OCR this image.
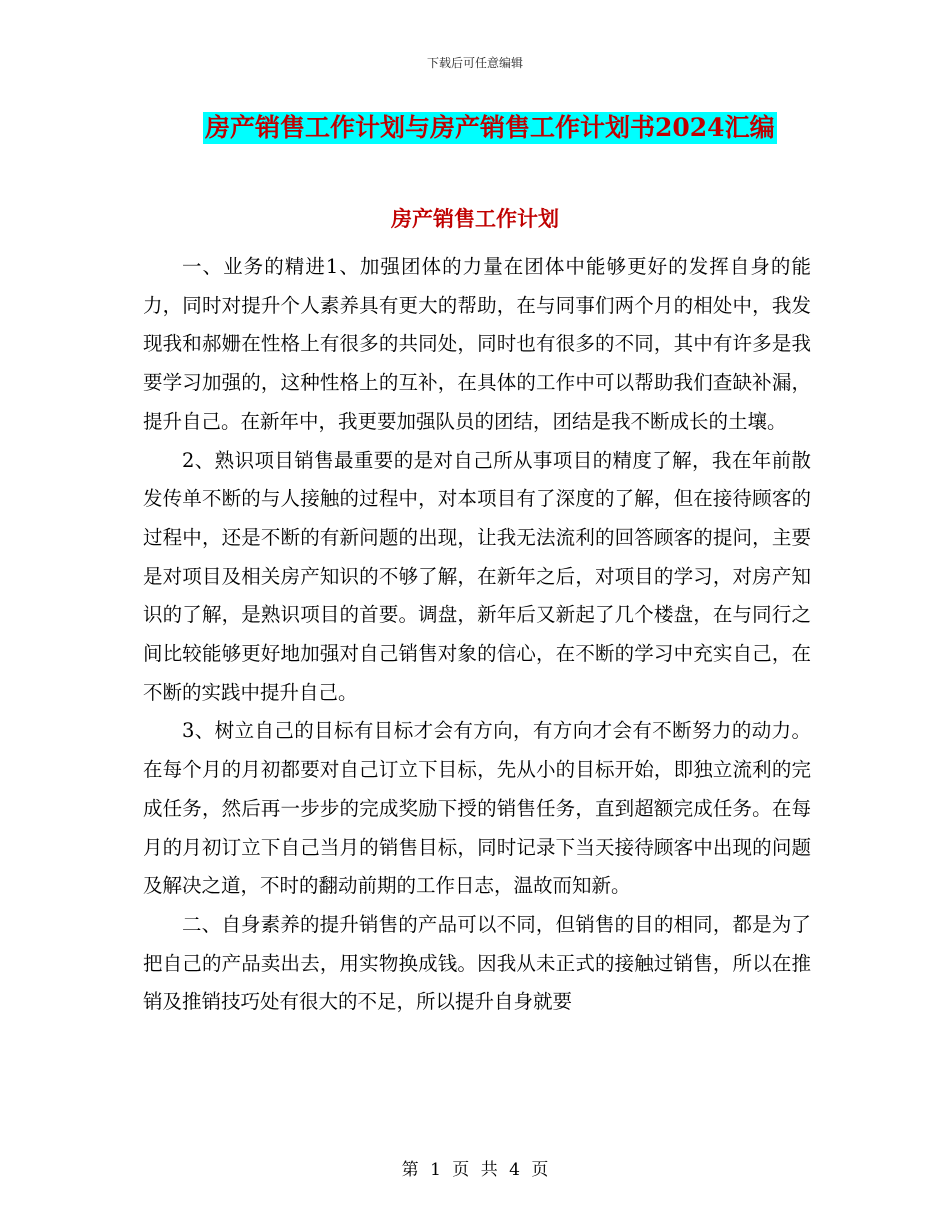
下载后可任意编辑
房产销售工作计划与房产销售工作计划书2024汇编
房产销售工作计划

一、业务的精进1、加强团体的力量在团体中能够更好的发挥自身的能力，同时对提升个人素养具有更大的帮助，在与同事们两个月的相处中，我发现我和郝姗在性格上有很多的共同处，同时也有很多的不同，其中有许多是我要学习加强的，这种性格上的互补，在具体的工作中可以帮助我们查缺补漏，提升自己。在新年中，我更要加强队员的团结，团结是我不断成长的土壤。

2、熟识项目销售最重要的是对自己所从事项目的精度了解，我在年前散发传单不断的与人接触的过程中，对本项目有了深度的了解，但在接待顾客的过程中，还是不断的有新问题的出现，让我无法流利的回答顾客的提问，主要是对项目及相关房产知识的不够了解，在新年之后，对项目的学习，对房产知识的了解，是熟识项目的首要。调盘，新年后又新起了几个楼盘，在与同行之间比较能够更好地加强对自己销售对象的信心，在不断的学习中充实自己，在不断的实践中提升自己。

3、树立自己的目标有目标才会有方向，有方向才会有不断努力的动力。在每个月的月初都要对自己订立下目标，先从小的目标开始，即独立流利的完成任务，然后再一步步的完成奖励下授的销售任务，直到超额完成任务。在每月的月初订立下自己当月的销售目标，同时记录下当天接待顾客中出现的问题及解决之道，不时的翻动前期的工作日志，温故而知新。

二、自身素养的提升销售的产品可以不同，但销售的目的相同，都是为了把自己的产品卖出去，用实物换成钱。因我从未正式的接触过销售，所以在推销及推销技巧处有很大的不足，所以提升自身就要

第 1 页 共 4 页
